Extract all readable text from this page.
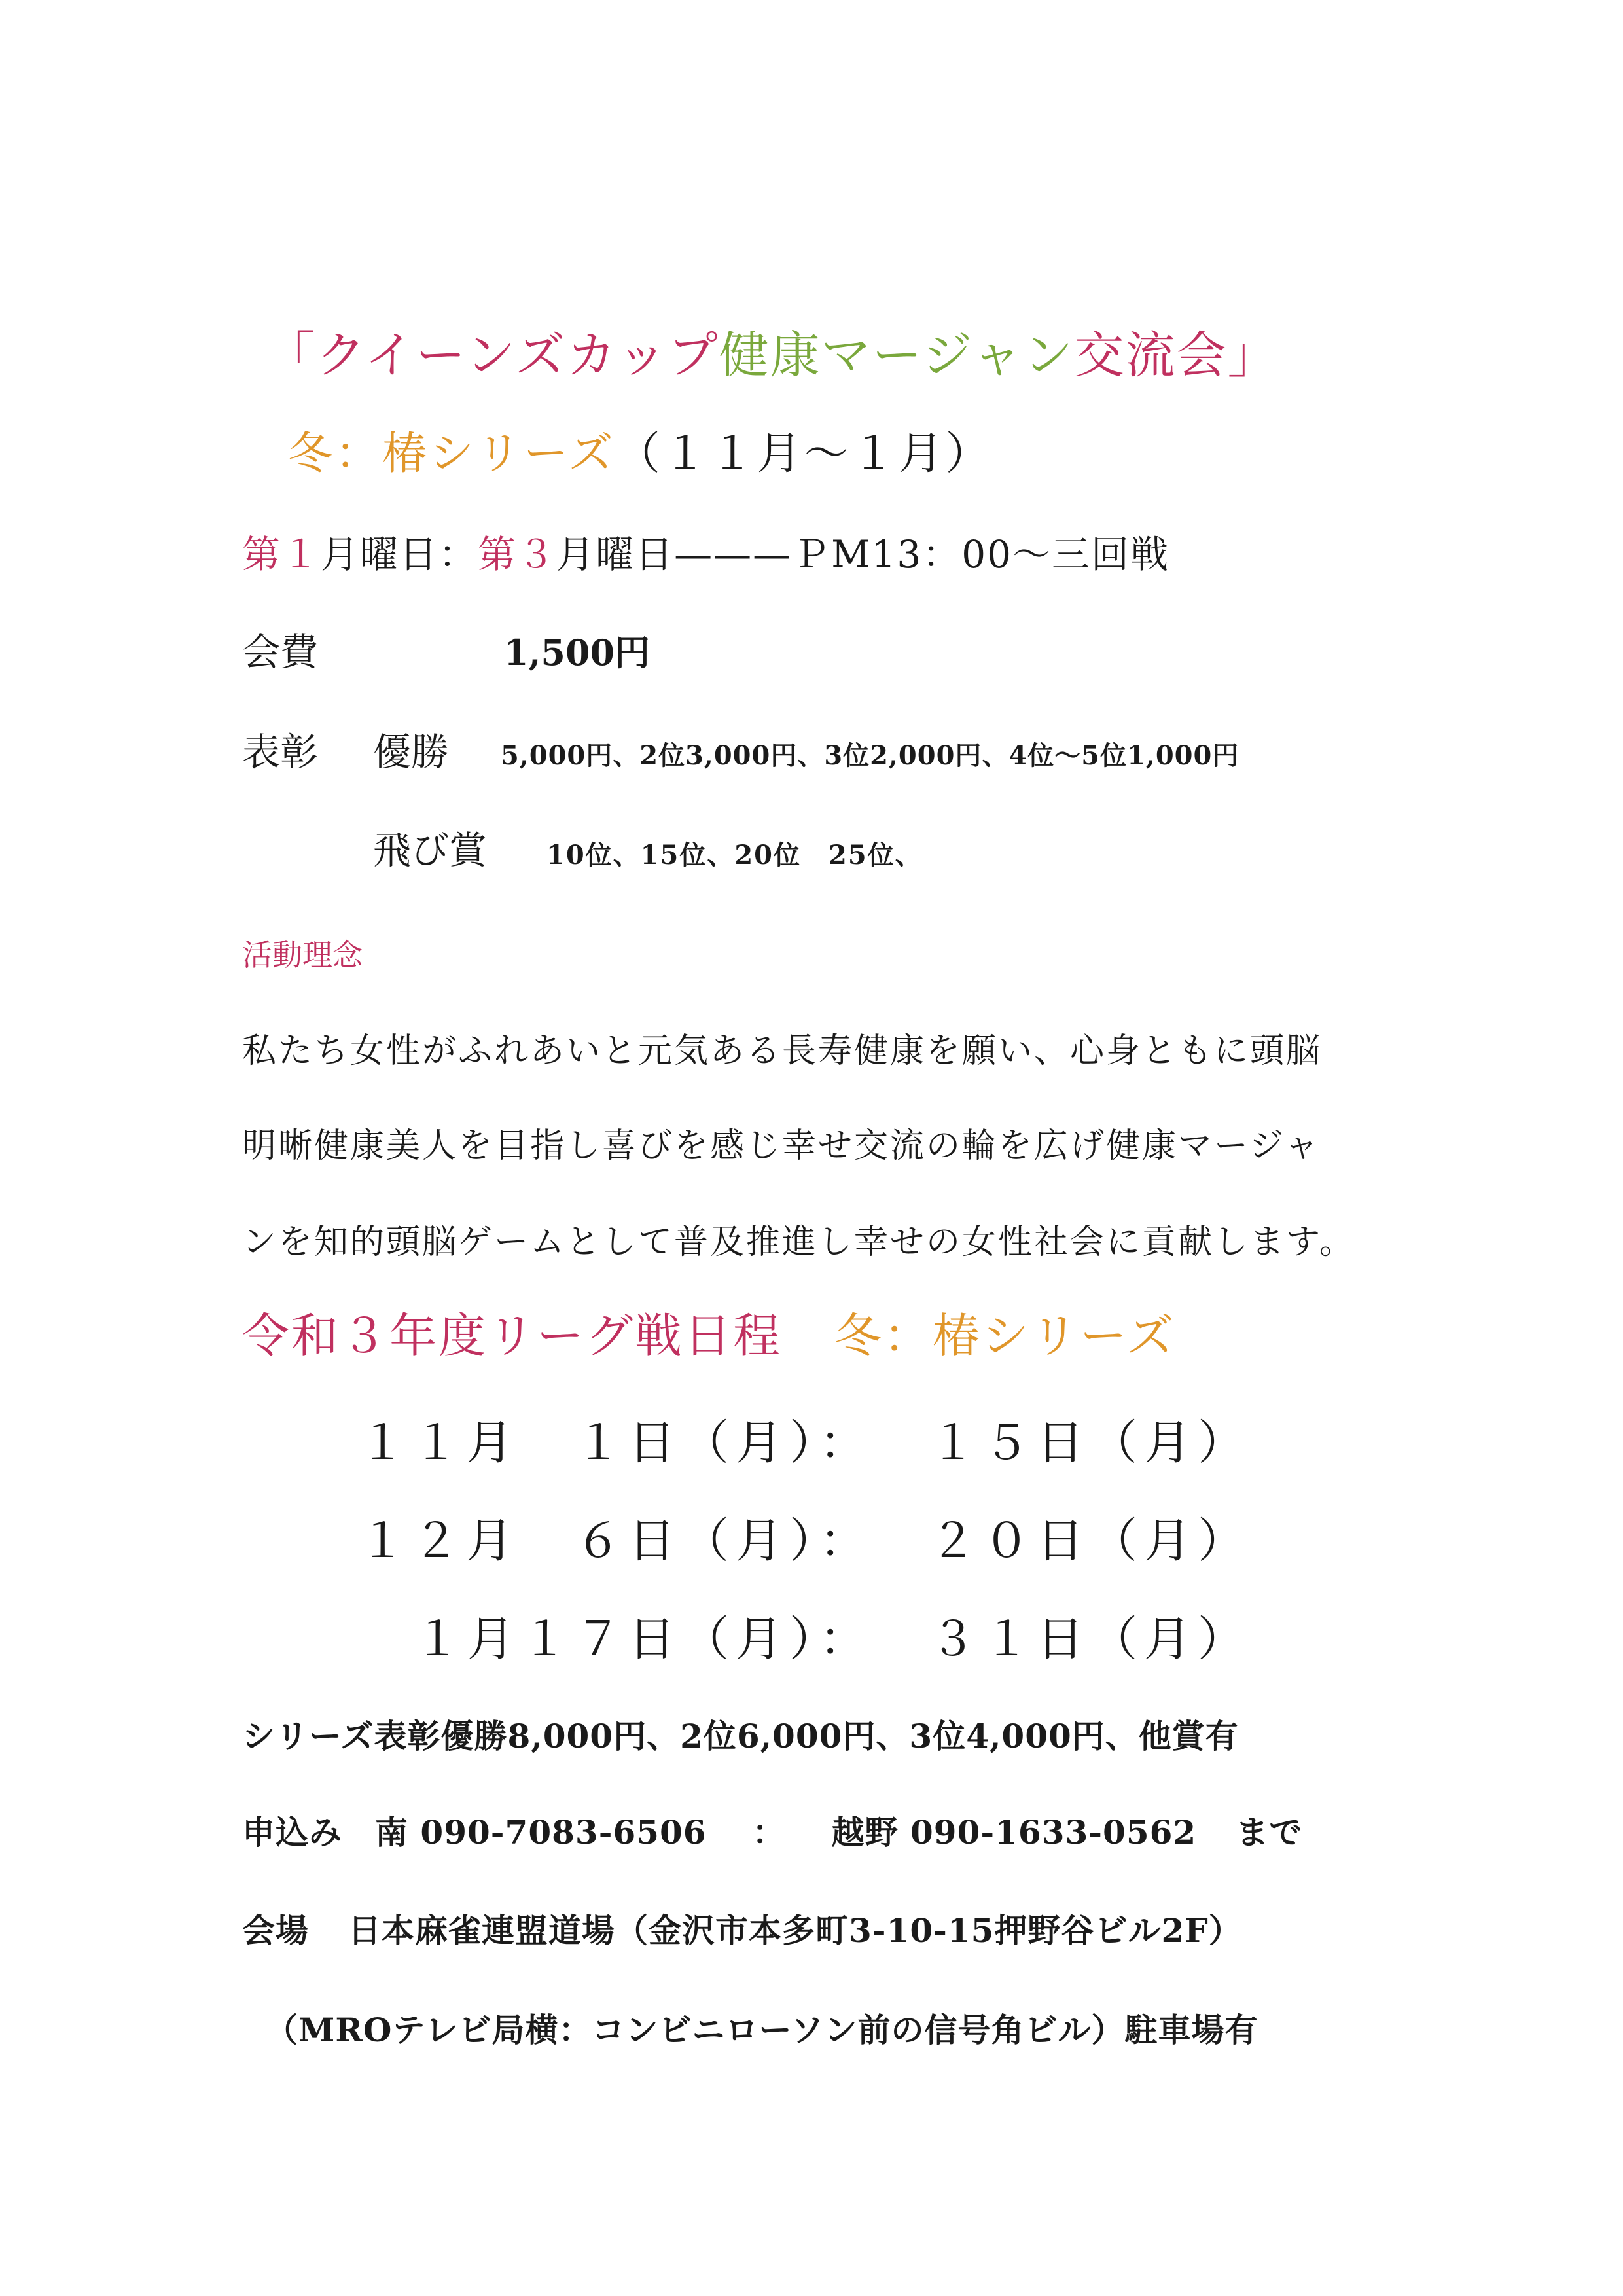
「クイーンズカップ健康マージャン交流会」
冬：椿シリーズ（１１月〜１月）
第１月曜日：第３月曜日———ＰM13：00〜三回戦
会費	1,500円
表彰 優勝 5,000円、2位3,000円、3位2,000円、4位〜5位1,000円
飛び賞 10位、15位、20位　25位、
活動理念
私たち女性がふれあいと元気ある長寿健康を願い、心身ともに頭脳
明晰健康美人を目指し喜びを感じ幸せ交流の輪を広げ健康マージャ
ンを知的頭脳ゲームとして普及推進し幸せの女性社会に貢献します。
令和３年度リーグ戦日程 冬：椿シリーズ
１１月 １日（月）： １５日（月）
１２月 ６日（月）： ２０日（月）
１月１７日（月）： ３１日（月）
シリーズ表彰優勝8,000円、2位6,000円、3位4,000円、他賞有
申込み 南 090-7083-6506 ： 越野 090-1633-0562 まで
会場 日本麻雀連盟道場（金沢市本多町3-10-15押野谷ビル2F）
（MROテレビ局横：コンビニローソン前の信号角ビル）駐車場有
